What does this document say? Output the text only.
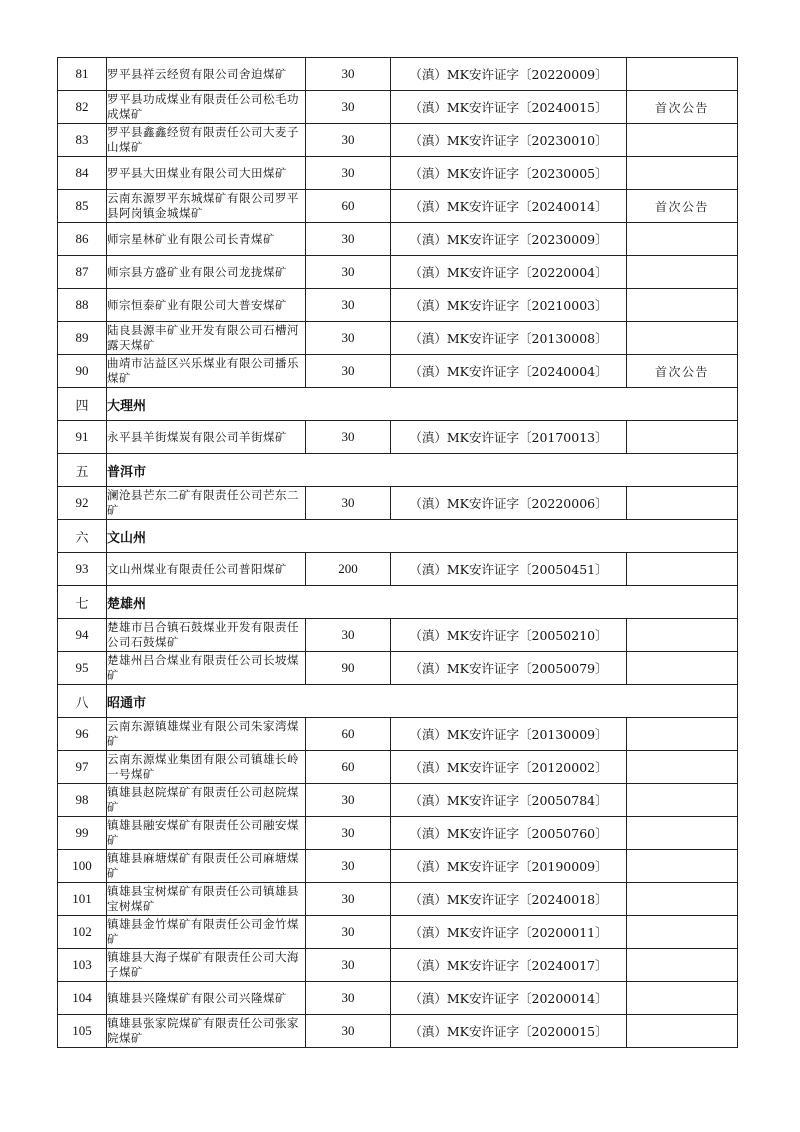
81	罗平县祥云经贸有限公司舍迫煤矿	30	（滇）MK安许证字〔20220009〕	
82	罗平县功成煤业有限责任公司松毛功成煤矿	30	（滇）MK安许证字〔20240015〕	首次公告
83	罗平县鑫鑫经贸有限责任公司大麦子山煤矿	30	（滇）MK安许证字〔20230010〕	
84	罗平县大田煤业有限公司大田煤矿	30	（滇）MK安许证字〔20230005〕	
85	云南东源罗平东城煤矿有限公司罗平县阿岗镇金城煤矿	60	（滇）MK安许证字〔20240014〕	首次公告
86	师宗星林矿业有限公司长青煤矿	30	（滇）MK安许证字〔20230009〕	
87	师宗县方盛矿业有限公司龙拢煤矿	30	（滇）MK安许证字〔20220004〕	
88	师宗恒泰矿业有限公司大普安煤矿	30	（滇）MK安许证字〔20210003〕	
89	陆良县源丰矿业开发有限公司石槽河露天煤矿	30	（滇）MK安许证字〔20130008〕	
90	曲靖市沾益区兴乐煤业有限公司播乐煤矿	30	（滇）MK安许证字〔20240004〕	首次公告
四	大理州			
91	永平县羊街煤炭有限公司羊街煤矿	30	（滇）MK安许证字〔20170013〕	
五	普洱市			
92	澜沧县芒东二矿有限责任公司芒东二矿	30	（滇）MK安许证字〔20220006〕	
六	文山州			
93	文山州煤业有限责任公司普阳煤矿	200	（滇）MK安许证字〔20050451〕	
七	楚雄州			
94	楚雄市吕合镇石鼓煤业开发有限责任公司石鼓煤矿	30	（滇）MK安许证字〔20050210〕	
95	楚雄州吕合煤业有限责任公司长坡煤矿	90	（滇）MK安许证字〔20050079〕	
八	昭通市			
96	云南东源镇雄煤业有限公司朱家湾煤矿	60	（滇）MK安许证字〔20130009〕	
97	云南东源煤业集团有限公司镇雄长岭一号煤矿	60	（滇）MK安许证字〔20120002〕	
98	镇雄县赵院煤矿有限责任公司赵院煤矿	30	（滇）MK安许证字〔20050784〕	
99	镇雄县融安煤矿有限责任公司融安煤矿	30	（滇）MK安许证字〔20050760〕	
100	镇雄县麻塘煤矿有限责任公司麻塘煤矿	30	（滇）MK安许证字〔20190009〕	
101	镇雄县宝树煤矿有限责任公司镇雄县宝树煤矿	30	（滇）MK安许证字〔20240018〕	
102	镇雄县金竹煤矿有限责任公司金竹煤矿	30	（滇）MK安许证字〔20200011〕	
103	镇雄县大海子煤矿有限责任公司大海子煤矿	30	（滇）MK安许证字〔20240017〕	
104	镇雄县兴隆煤矿有限公司兴隆煤矿	30	（滇）MK安许证字〔20200014〕	
105	镇雄县张家院煤矿有限责任公司张家院煤矿	30	（滇）MK安许证字〔20200015〕	
